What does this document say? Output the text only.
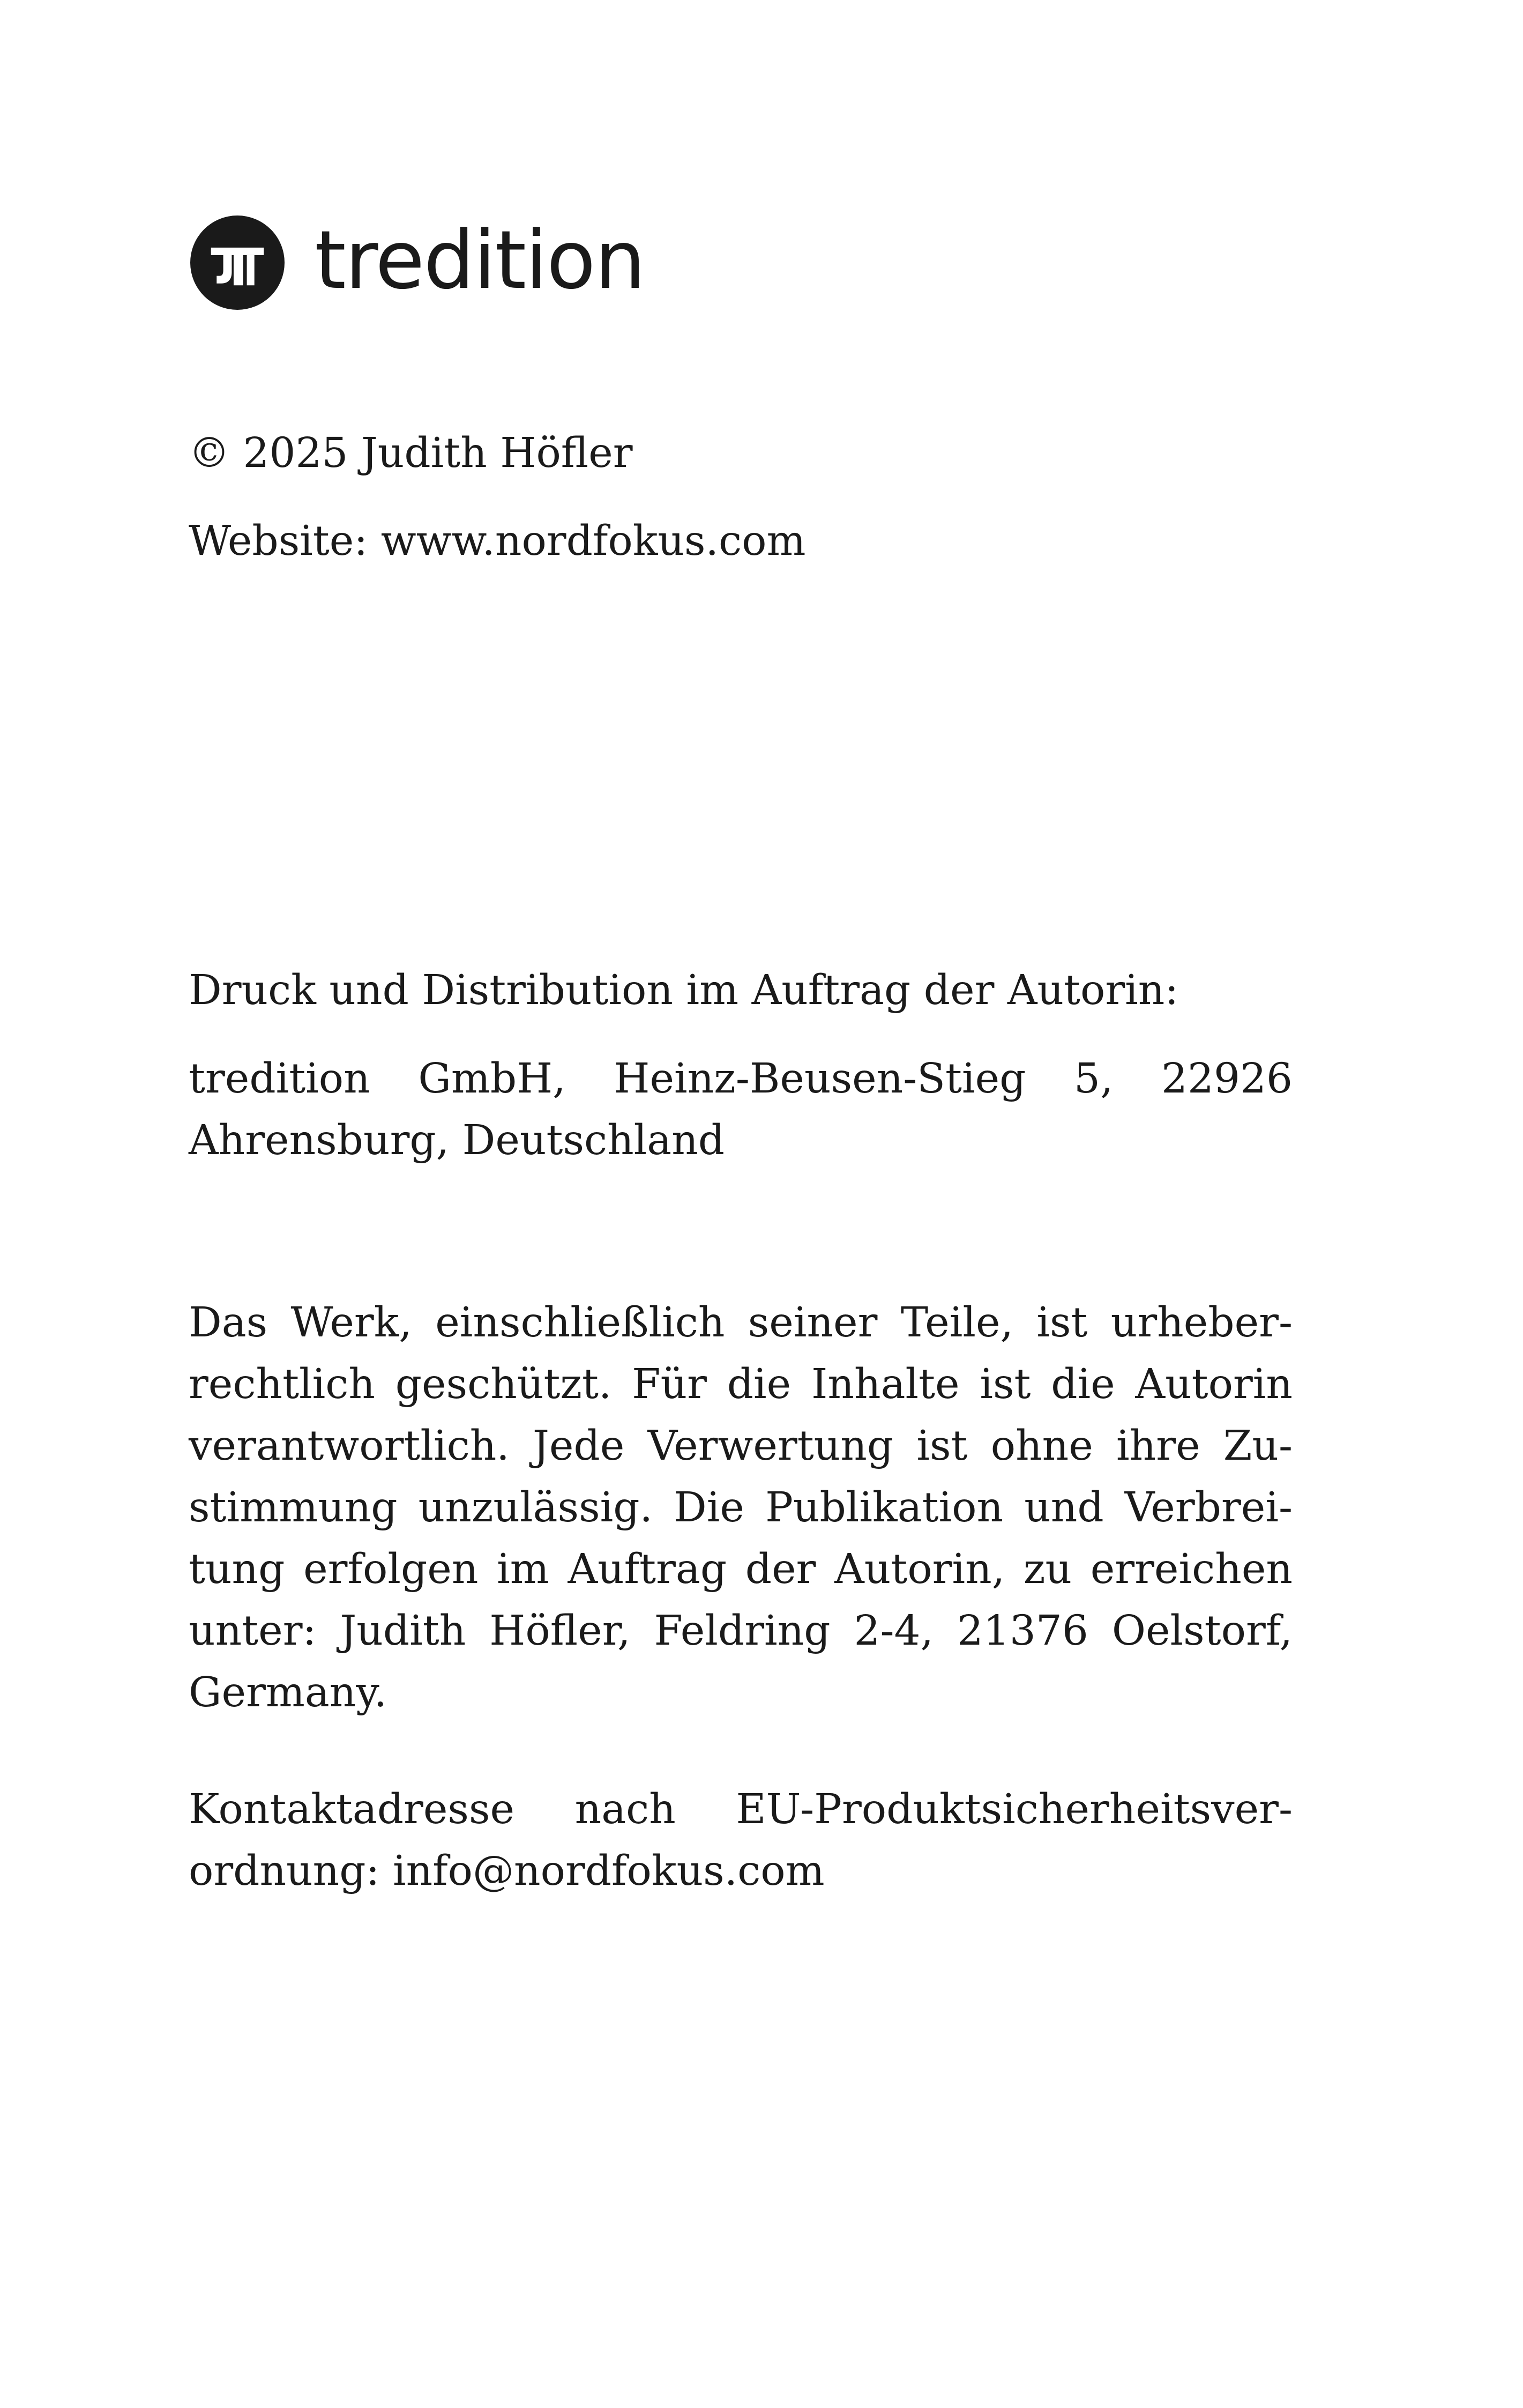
tredition
© 2025 Judith Höfler
Website: www.nordfokus.com
Druck und Distribution im Auftrag der Autorin:
tredition GmbH, Heinz-Beusen-Stieg 5, 22926
Ahrensburg, Deutschland
Das Werk, einschließlich seiner Teile, ist urheber-
rechtlich geschützt. Für die Inhalte ist die Autorin
verantwortlich. Jede Verwertung ist ohne ihre Zu-
stimmung unzulässig. Die Publikation und Verbrei-
tung erfolgen im Auftrag der Autorin, zu erreichen
unter: Judith Höfler, Feldring 2-4, 21376 Oelstorf,
Germany.
Kontaktadresse nach EU-Produktsicherheitsver-
ordnung: info@nordfokus.com
